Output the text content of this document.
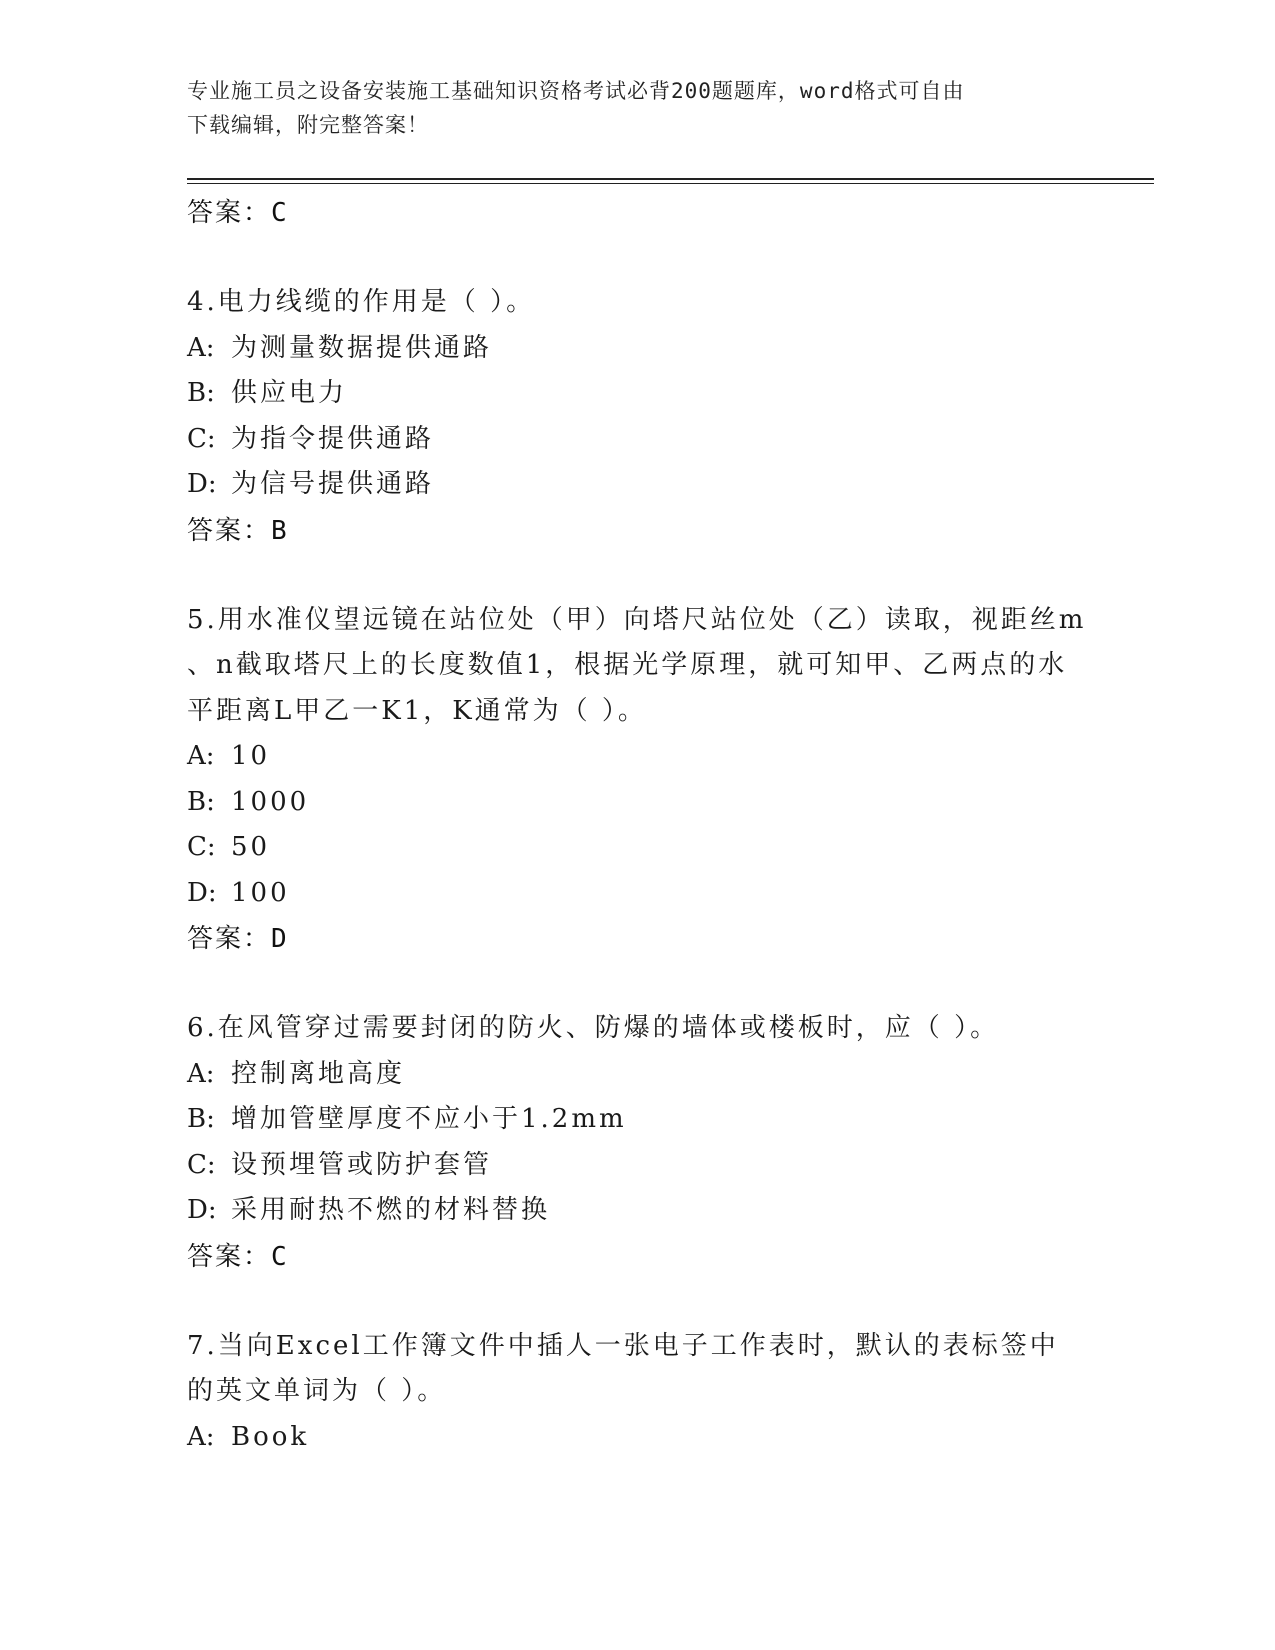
专业施工员之设备安装施工基础知识资格考试必背200题题库，word格式可自由
下载编辑，附完整答案！
答案：C
4.电力线缆的作用是（ ）。
A: 为测量数据提供通路
B: 供应电力
C: 为指令提供通路
D: 为信号提供通路
答案：B
5.用水准仪望远镜在站位处（甲）向塔尺站位处（乙）读取，视距丝m
、n截取塔尺上的长度数值1，根据光学原理，就可知甲、乙两点的水
平距离L甲乙一K1，K通常为（ ）。
A: 10
B: 1000
C: 50
D: 100
答案：D
6.在风管穿过需要封闭的防火、防爆的墙体或楼板时，应（ ）。
A: 控制离地高度
B: 增加管壁厚度不应小于1.2mm
C: 设预埋管或防护套管
D: 采用耐热不燃的材料替换
答案：C
7.当向Excel工作簿文件中插人一张电子工作表时，默认的表标签中
的英文单词为（ ）。
A: Book
